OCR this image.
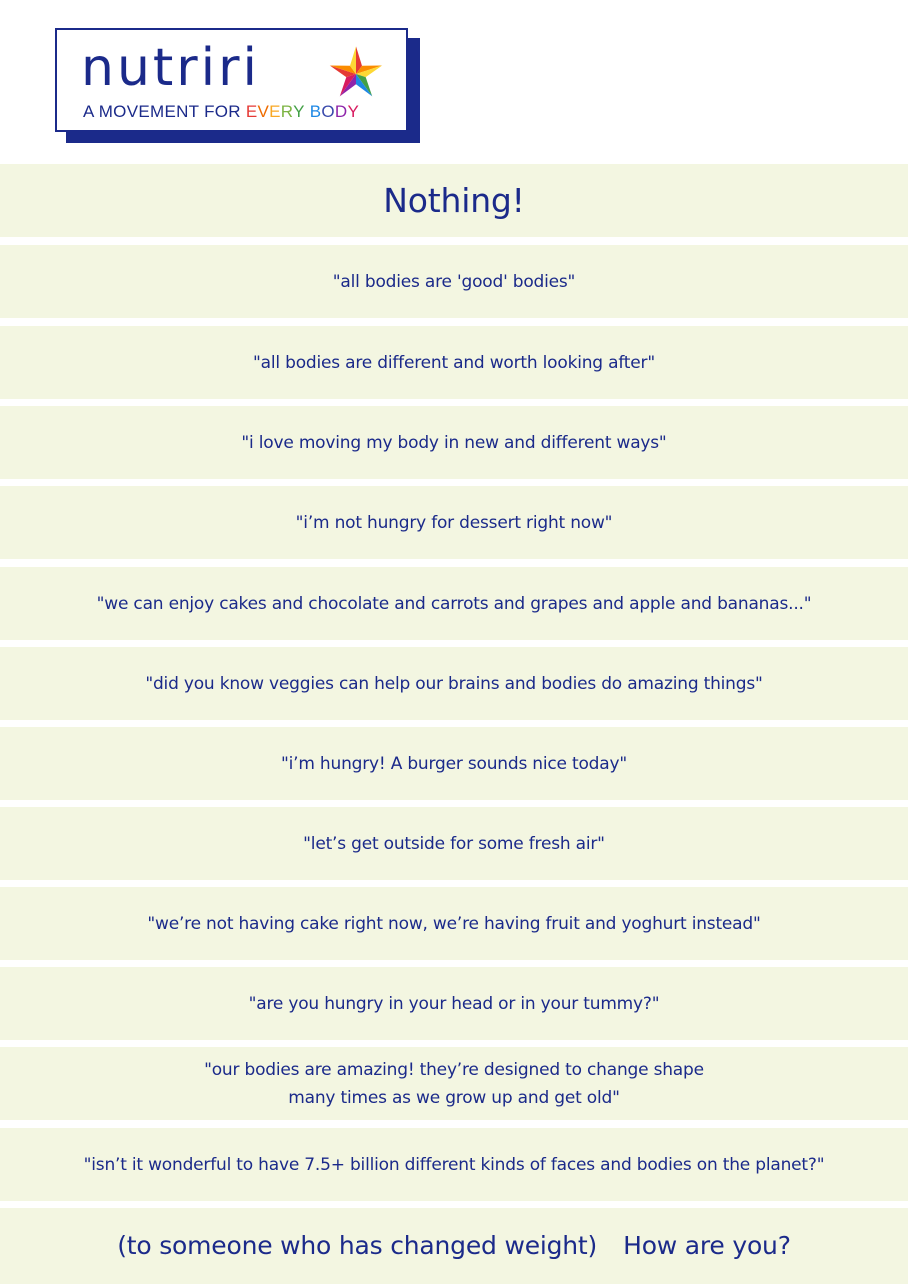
nutriri
A MOVEMENT FOR EVERY BODY
Nothing!
"all bodies are 'good' bodies"
"all bodies are different and worth looking after"
"i love moving my body in new and different ways"
"i’m not hungry for dessert right now"
"we can enjoy cakes and chocolate and carrots and grapes and apple and bananas..."
"did you know veggies can help our brains and bodies do amazing things"
"i’m hungry! A burger sounds nice today"
"let’s get outside for some fresh air"
"we’re not having cake right now, we’re having fruit and yoghurt instead"
"are you hungry in your head or in your tummy?"
"our bodies are amazing! they’re designed to change shape
many times as we grow up and get old"
"isn’t it wonderful to have 7.5+ billion different kinds of faces and bodies on the planet?"
(to someone who has changed weight) How are you?
